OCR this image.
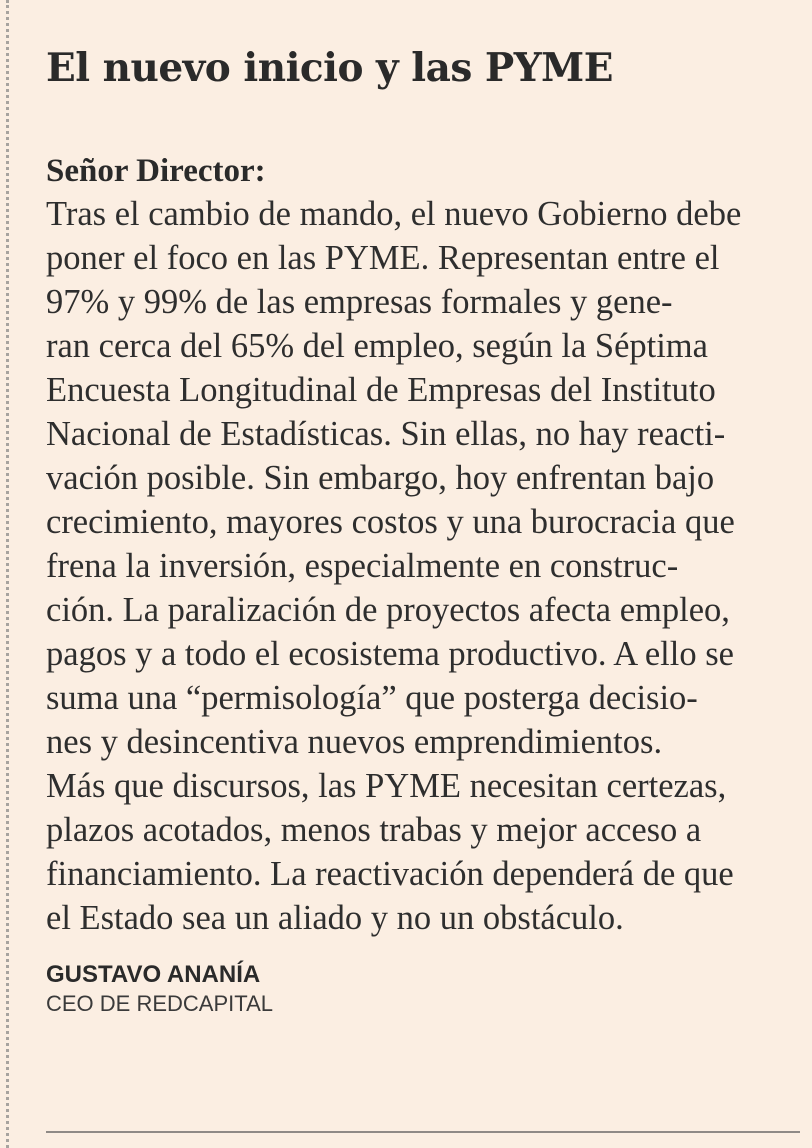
El nuevo inicio y las PYME

Señor Director:

Tras el cambio de mando, el nuevo Gobierno debe
poner el foco en las PYME. Representan entre el
97% y 99% de las empresas formales y gene-
ran cerca del 65% del empleo, según la Séptima
Encuesta Longitudinal de Empresas del Instituto
Nacional de Estadísticas. Sin ellas, no hay reacti-
vación posible. Sin embargo, hoy enfrentan bajo
crecimiento, mayores costos y una burocracia que
frena la inversión, especialmente en construc-
ción. La paralización de proyectos afecta empleo,
pagos y a todo el ecosistema productivo. A ello se
suma una “permisología” que posterga decisio-
nes y desincentiva nuevos emprendimientos.
Más que discursos, las PYME necesitan certezas,
plazos acotados, menos trabas y mejor acceso a
financiamiento. La reactivación dependerá de que
el Estado sea un aliado y no un obstáculo.

GUSTAVO ANANÍA
CEO DE REDCAPITAL
